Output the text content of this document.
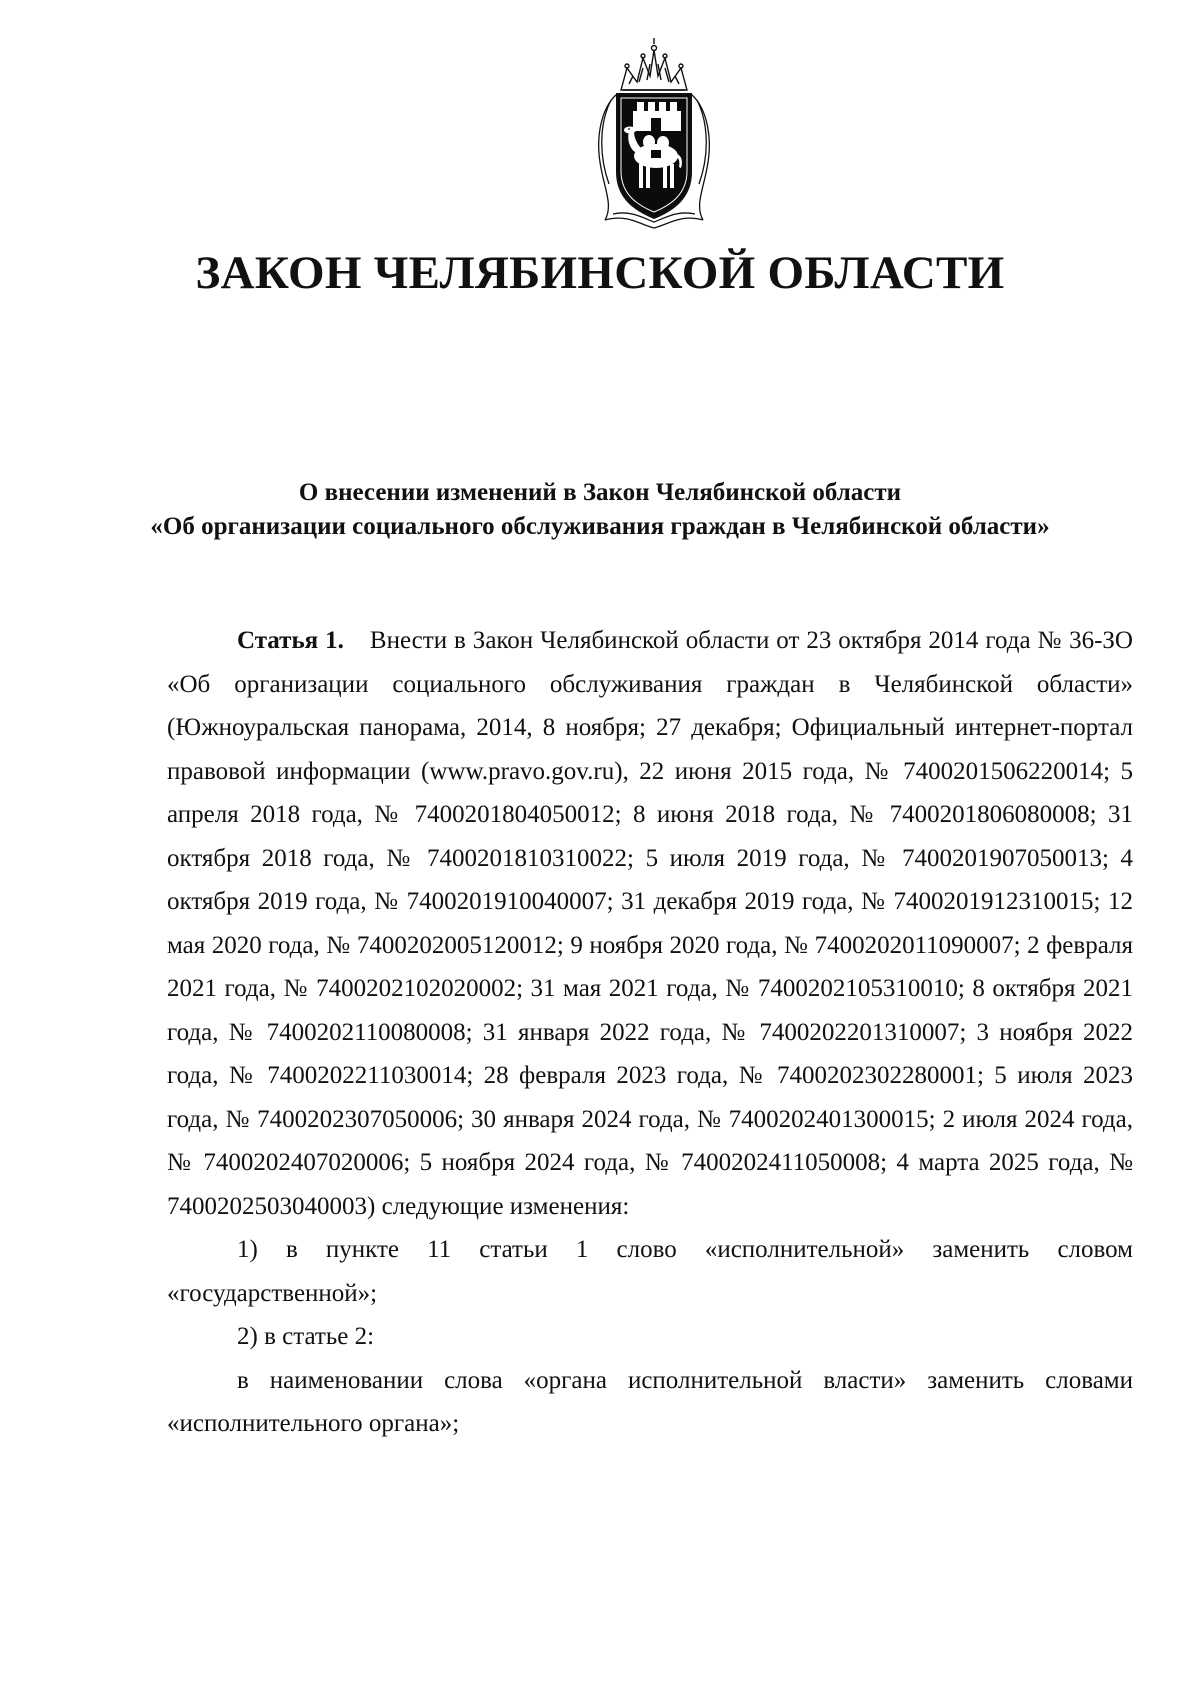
ЗАКОН ЧЕЛЯБИНСКОЙ ОБЛАСТИ
О внесении изменений в Закон Челябинской области
«Об организации социального обслуживания граждан в Челябинской области»

Статья 1. Внести в Закон Челябинской области от 23 октября 2014 года № 36-ЗО «Об организации социального обслуживания граждан в Челябинской области» (Южноуральская панорама, 2014, 8 ноября; 27 декабря; Официальный интернет-портал правовой информации (www.pravo.gov.ru), 22 июня 2015 года, № 7400201506220014; 5 апреля 2018 года, № 7400201804050012; 8 июня 2018 года, № 7400201806080008; 31 октября 2018 года, № 7400201810310022; 5 июля 2019 года, № 7400201907050013; 4 октября 2019 года, № 7400201910040007; 31 декабря 2019 года, № 7400201912310015; 12 мая 2020 года, № 7400202005120012; 9 ноября 2020 года, № 7400202011090007; 2 февраля 2021 года, № 7400202102020002; 31 мая 2021 года, № 7400202105310010; 8 октября 2021 года, № 7400202110080008; 31 января 2022 года, № 7400202201310007; 3 ноября 2022 года, № 7400202211030014; 28 февраля 2023 года, № 7400202302280001; 5 июля 2023 года, № 7400202307050006; 30 января 2024 года, № 7400202401300015; 2 июля 2024 года, № 7400202407020006; 5 ноября 2024 года, № 7400202411050008; 4 марта 2025 года, № 7400202503040003) следующие изменения:

1) в пункте 11 статьи 1 слово «исполнительной» заменить словом «государственной»;

2) в статье 2:

в наименовании слова «органа исполнительной власти» заменить словами «исполнительного органа»;
